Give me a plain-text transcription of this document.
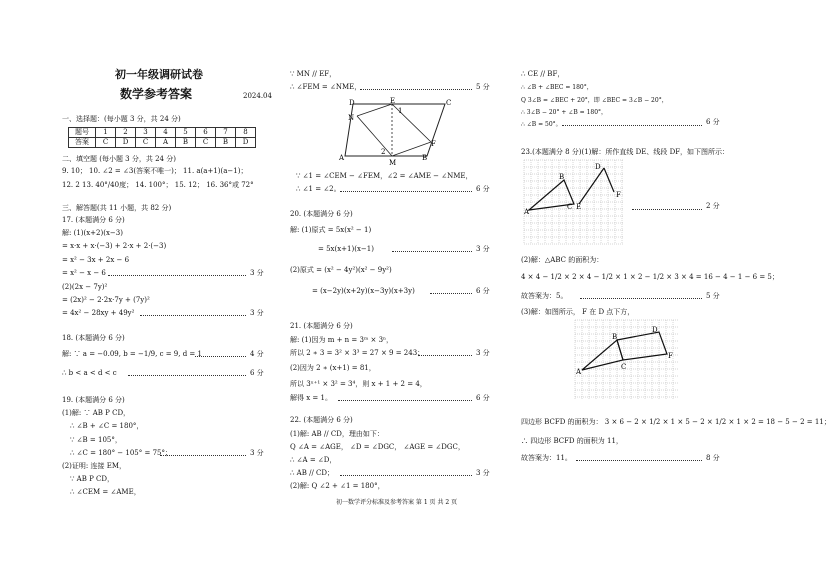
初一年级调研试卷
数学参考答案	2024.04
一、选择题：(每小题 3 分，共 24 分)
题号	1	2	3	4	5	6	7	8
答案	C	D	C	A	B	C	B	D
二、填空题 (每小题 3 分，共 24 分)
9. 10； 10. ∠2 = ∠3(答案不唯一)； 11. a(a+1)(a−1)；
12. 2 13. 40°/40度； 14. 100°； 15. 12； 16. 36°或 72°
三、解答题(共 11 小题，共 82 分)
17. (本题满分 6 分)
解: (1)(x+2)(x−3)
= x·x + x·(−3) + 2·x + 2·(−3)
= x² − 3x + 2x − 6
= x² − x − 6	3 分
(2)(2x − 7y)²
= (2x)² − 2·2x·7y + (7y)²
= 4x² − 28xy + 49y²	3 分
18. (本题满分 6 分)
解: ∵ a = −0.09, b = −1/9, c = 9, d = 1	4 分
∴ b < a < d < c	6 分
19. (本题满分 6 分)
(1)解: ∵ AB P CD，
∴ ∠B + ∠C = 180°，
∵ ∠B = 105°，
∴ ∠C = 180° − 105° = 75°；	3 分
(2)证明: 连接 EM，
∵ AB P CD，
∴ ∠CEM = ∠AME，
∵ MN // EF，
∴ ∠FEM = ∠NME，	5 分
D	E	C
N
1
F
2
A
M
B
∵ ∠1 = ∠CEM − ∠FEM，∠2 = ∠AME − ∠NME，
∴ ∠1 = ∠2。	6 分
20. (本题满分 6 分)
解: (1)原式 = 5x(x² − 1)
= 5x(x+1)(x−1)	3 分
(2)原式 = (x² − 4y²)(x² − 9y²)
= (x−2y)(x+2y)(x−3y)(x+3y)	6 分
21. (本题满分 6 分)
解: (1)因为 m + n = 3ᵐ × 3ⁿ，
所以 2 ∗ 3 = 3² × 3³ = 27 × 9 = 243；	3 分
(2)因为 2 ∗ (x+1) = 81，
所以 3ˣ⁺¹ × 3² = 3⁴，则 x + 1 + 2 = 4，
解得 x = 1。	6 分
22. (本题满分 6 分)
(1)解: AB // CD，理由如下：
Q ∠A = ∠AGE， ∠D = ∠DGC， ∠AGE = ∠DGC，
∴ ∠A = ∠D，
∴ AB // CD；	3 分
(2)解: Q ∠2 + ∠1 = 180°，
初一数学评分标准及参考答案 第 1 页 共 2 页
∴ CE // BF，
∴ ∠B + ∠BEC = 180°，
Q 3∠B = ∠BEC + 20°，即 ∠BEC = 3∠B − 20°，
∴ 3∠B − 20° + ∠B = 180°，
∴ ∠B = 50°。	6 分
23.(本题满分 8 分)(1)解：所作直线 DE、线段 DF，如下图所示：
A
B
C E
D
F
2 分
(2)解：△ABC 的面积为：
4 × 4 − 1/2 × 2 × 4 − 1/2 × 1 × 2 − 1/2 × 3 × 4 = 16 − 4 − 1 − 6 = 5；
故答案为：5。	5 分
(3)解：如图所示， F 在 D 点下方，
A
B
C
D
F
四边形 BCFD 的面积为： 3 × 6 − 2 × 1/2 × 1 × 5 − 2 × 1/2 × 1 × 2 = 18 − 5 − 2 = 11；
∴ 四边形 BCFD 的面积为 11，
故答案为：11。	8 分
